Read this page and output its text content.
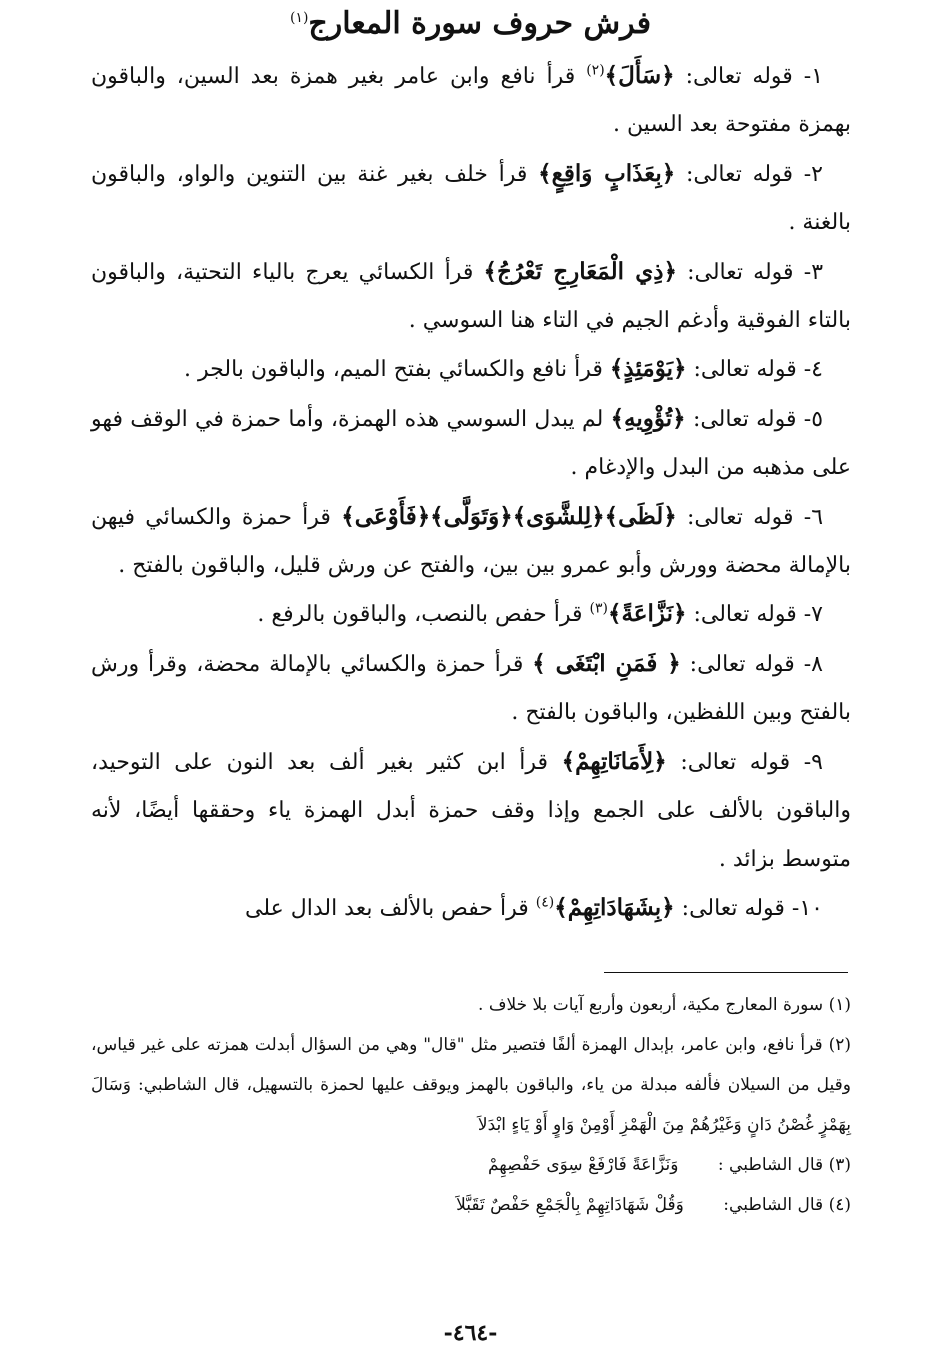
فرش حروف سورة المعارج$^{(١)}$

١- قوله تعالى: ﴿سَأَلَ﴾$^{(٢)}$ قرأ نافع وابن عامر بغير همزة بعد السين، والباقون بهمزة مفتوحة بعد السين .

٢- قوله تعالى: ﴿بِعَذَابٍ وَاقِعٍ﴾ قرأ خلف بغير غنة بين التنوين والواو، والباقون بالغنة .

٣- قوله تعالى: ﴿ذِي الْمَعَارِجِ تَعْرُجُ﴾ قرأ الكسائي يعرج بالياء التحتية، والباقون بالتاء الفوقية وأدغم الجيم في التاء هنا السوسي .

٤- قوله تعالى: ﴿يَوْمَئِذٍ﴾ قرأ نافع والكسائي بفتح الميم، والباقون بالجر .

٥- قوله تعالى: ﴿تُؤْوِيهِ﴾ لم يبدل السوسي هذه الهمزة، وأما حمزة في الوقف فهو على مذهبه من البدل والإدغام .

٦- قوله تعالى: ﴿لَظَى﴾﴿لِلشَّوَى﴾﴿وَتَوَلَّى﴾﴿فَأَوْعَى﴾ قرأ حمزة والكسائي فيهن بالإمالة محضة وورش وأبو عمرو بين بين، والفتح عن ورش قليل، والباقون بالفتح .

٧- قوله تعالى: ﴿نَزَّاعَةً﴾$^{(٣)}$ قرأ حفص بالنصب، والباقون بالرفع .

٨- قوله تعالى: ﴿ فَمَنِ ابْتَغَى ﴾ قرأ حمزة والكسائي بالإمالة محضة، وقرأ ورش بالفتح وبين اللفظين، والباقون بالفتح .

٩- قوله تعالى: ﴿لِأَمَانَاتِهِمْ﴾ قرأ ابن كثير بغير ألف بعد النون على التوحيد، والباقون بالألف على الجمع وإذا وقف حمزة أبدل الهمزة ياء وحققها أيضًا، لأنه متوسط بزائد .

١٠- قوله تعالى: ﴿بِشَهَادَاتِهِمْ﴾$^{(٤)}$ قرأ حفص بالألف بعد الدال على

(١) سورة المعارج مكية، أربعون وأربع آيات بلا خلاف .

(٢) قرأ نافع، وابن عامر، بإبدال الهمزة ألفًا فتصير مثل "قال" وهي من السؤال أبدلت همزته على غير قياس، وقيل من السيلان فألفه مبدلة من ياء، والباقون بالهمز ويوقف عليها لحمزة بالتسهيل، قال الشاطبي: وَسَالَ بِهَمْزٍ غُصْنُ دَانٍ وَغَيْرُهُمْ مِنَ الْهَمْزِ أَوْمِنْ وَاوٍ أَوْ يَاءٍ ابْدَلاَ

(٣) قال الشاطبي : وَنَزَّاعَةً فَارْفَعْ سِوَى حَفْصِهِمْ

(٤) قال الشاطبي: وَقُلْ شَهَادَاتِهِمْ بِالْجَمْعِ حَفْصٌ تَقَبَّلاَ

-٤٦٤-
